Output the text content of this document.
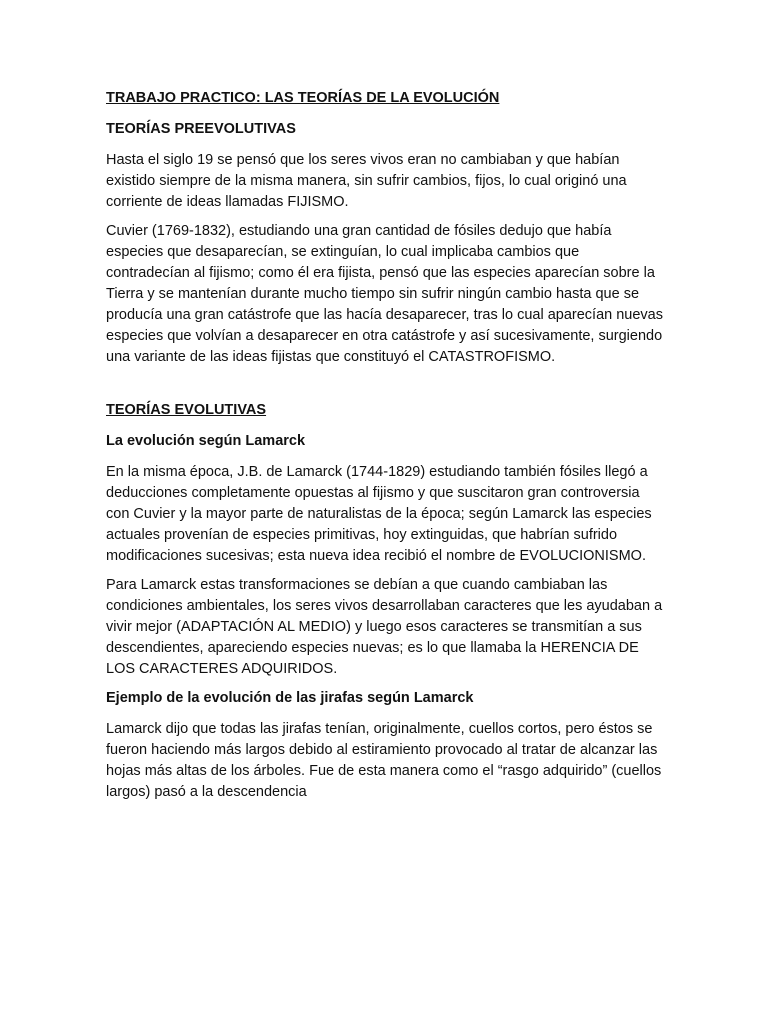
TRABAJO PRACTICO: LAS TEORÍAS DE LA EVOLUCIÓN

TEORÍAS PREEVOLUTIVAS

Hasta el siglo 19 se pensó que los seres vivos eran no cambiaban y que habían existido siempre de la misma manera, sin sufrir cambios, fijos, lo cual originó una corriente de ideas llamadas FIJISMO.

Cuvier (1769-1832), estudiando una gran cantidad de fósiles dedujo que había especies que desaparecían, se extinguían, lo cual implicaba cambios que contradecían al fijismo; como él era fijista, pensó que las especies aparecían sobre la Tierra y se mantenían durante mucho tiempo sin sufrir ningún cambio hasta que se producía una gran catástrofe que las hacía desaparecer, tras lo cual aparecían nuevas especies que volvían a desaparecer en otra catástrofe y así sucesivamente, surgiendo una variante de las ideas fijistas que constituyó el CATASTROFISMO.

TEORÍAS EVOLUTIVAS

La evolución según Lamarck

En la misma época, J.B. de Lamarck (1744-1829) estudiando también fósiles llegó a deducciones completamente opuestas al fijismo y que suscitaron gran controversia con Cuvier y la mayor parte de naturalistas de la época; según Lamarck las especies actuales provenían de especies primitivas, hoy extinguidas, que habrían sufrido modificaciones sucesivas; esta nueva idea recibió el nombre de EVOLUCIONISMO.

Para Lamarck estas transformaciones se debían a que cuando cambiaban las condiciones ambientales, los seres vivos desarrollaban caracteres que les ayudaban a vivir mejor (ADAPTACIÓN AL MEDIO) y luego esos caracteres se transmitían a sus descendientes, apareciendo especies nuevas; es lo que llamaba la HERENCIA DE LOS CARACTERES ADQUIRIDOS.

Ejemplo de la evolución de las jirafas según Lamarck

Lamarck dijo que todas las jirafas tenían, originalmente, cuellos cortos, pero éstos se fueron haciendo más largos debido al estiramiento provocado al tratar de alcanzar las hojas más altas de los árboles. Fue de esta manera como el “rasgo adquirido” (cuellos largos) pasó a la descendencia
